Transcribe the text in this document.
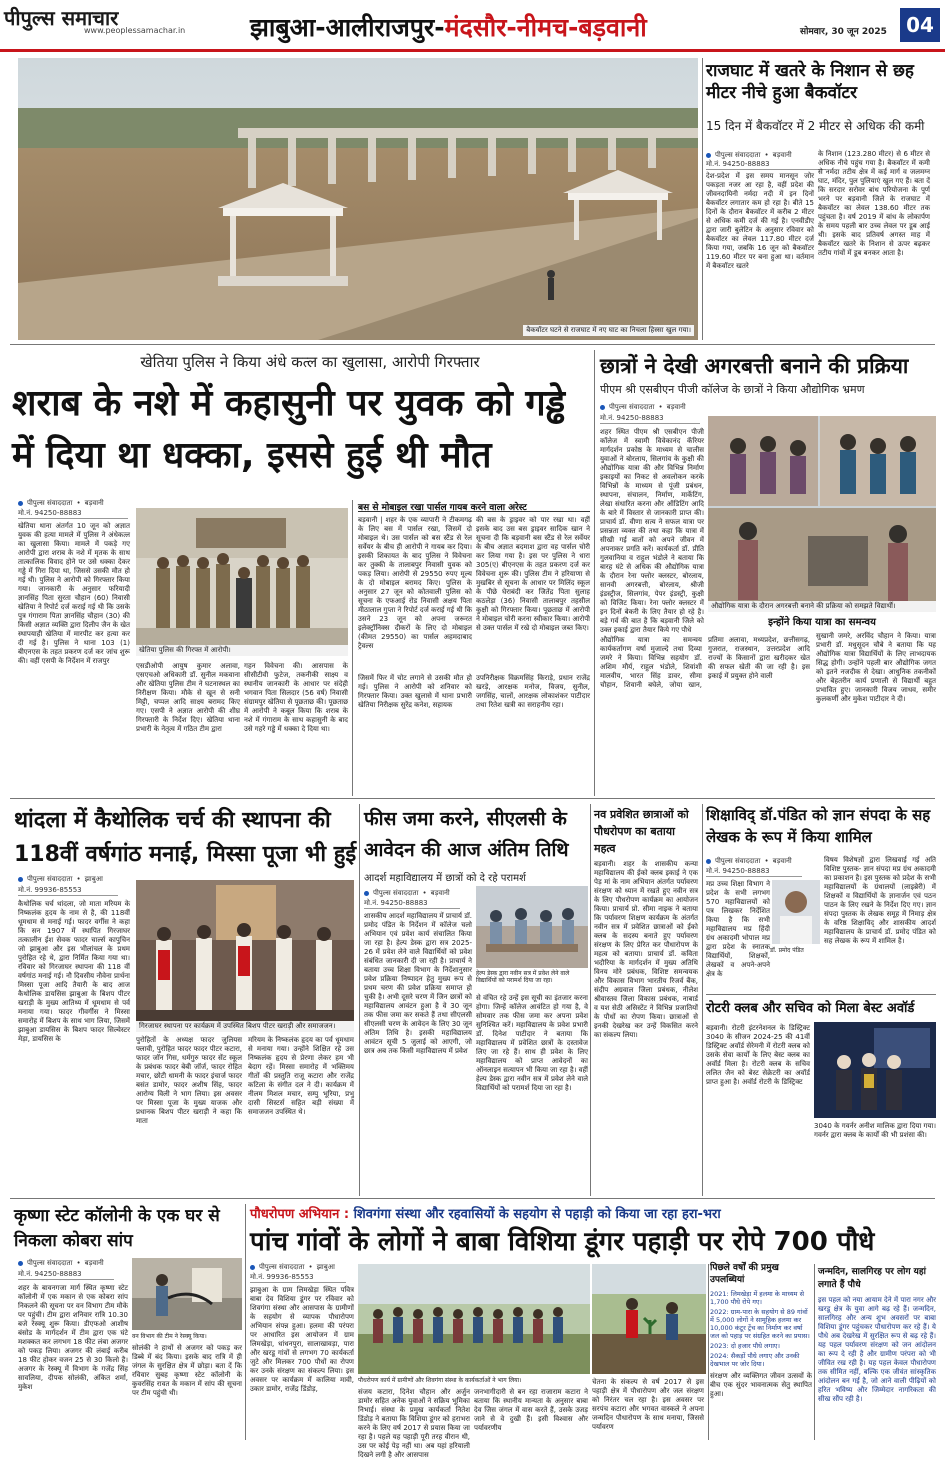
पीपुल्स समाचार
www.peoplessamachar.in	झाबुआ-आलीराजपुर-मंदसौर-नीमच-बड़वानी	सोमवार, 30 जून 2025 04
बैकवॉटर घटने से राजघाट में नए घाट का निचला हिस्सा खुल गया।
राजघाट में खतरे के निशान से छह मीटर नीचे हुआ बैकवॉटर
15 दिन में बैकवॉटर में 2 मीटर से अधिक की कमी
पीपुल्स संवाददाता • बड़वानी
मो.नं. 94250-88883
देश-प्रदेश में इस समय मानसून जोर पकड़ता नजर आ रहा है, वहीं प्रदेश की जीवनदायिनी नर्मदा नदी में इन दिनों बैकवॉटर लगातार कम हो रहा है। बीते 15 दिनों के दौरान बैकवॉटर में करीब 2 मीटर से अधिक कमी दर्ज की गई है। एनवीडीए द्वारा जारी बुलेटिन के अनुसार रविवार को बैकवॉटर का लेवल 117.80 मीटर दर्ज किया गया, जबकि 16 जून को बैकवॉटर 119.60 मीटर पर बना हुआ था। वर्तमान में बैकवॉटर खतरे
के निशान (123.280 मीटर) से 6 मीटर से अधिक नीचे पहुंच गया है। बैकवॉटर में कमी से नर्मदा तटीय क्षेत्र में कई मार्ग व जलमग्न घाट, मंदिर, पुल पुलियाएं खुल गए हैं। बता दें कि सरदार सरोवर बांध परियोजना के पूर्ण भरने पर बड़वानी जिले के राजघाट में बैकवॉटर का लेवल 138.60 मीटर तक पहुंचता है। वर्ष 2019 में बांध के लोकार्पण के समय पहली बार उच्च लेवल पर डूब आई थी। इसके बाद प्रतिवर्ष अगस्त माह में बैकवॉटर खतरे के निशान से ऊपर बढ़कर तटीय गांवों में डूब बनकर आता है।
खेतिया पुलिस ने किया अंधे कत्ल का खुलासा, आरोपी गिरफ्तार
शराब के नशे में कहासुनी पर युवक को गड्ढे में दिया था धक्का, इससे हुई थी मौत
पीपुल्स संवाददाता • बड़वानी
मो.नं. 94250-88883
खेतिया थाना अंतर्गत 10 जून को अज्ञात युवक की हत्या मामले में पुलिस ने अंधेकत्ल का खुलासा किया। मामले में पकड़े गए आरोपी द्वारा शराब के नशे में मृतक के साथ तात्कालिक विवाद होने पर उसे धक्का देकर गड्ढे में गिरा दिया था, जिससे उसकी मौत हो गई थी। पुलिस ने आरोपी को गिरफ्तार किया गया। जानकारी के अनुसार फरियादी ज्ञानसिंह पिता सुरता चौहान (60) निवासी खेतिया ने रिपोर्ट दर्ज कराई गई थी कि उसके पुत्र गंगाराम पिता ज्ञानसिंह चौहान (30) की किसी अज्ञात व्यक्ति द्वारा दिलीप जैन के खेत स्थापयाही खेतिया में मारपीट कर हत्या कर दी गई है। पुलिस ने थाना 103 (1) बीएनएस के तहत प्रकरण दर्ज कर जांच शुरू की। वहीं एसपी के निर्देशन में राजपुर
खेतिया पुलिस की गिरफ्त में आरोपी।
एसडीओपी आयुष कुमार अलावा, एसएचओ अधिकारी डॉ. सुनील मकवाना और खेतिया पुलिस टीम ने घटनास्थल का निरीक्षण किया। मौके से खून से सनी मिट्टी, चप्पल आदि साक्ष्य बरामद किए गए। एसपी ने अज्ञात आरोपी की शीघ्र गिरफ्तारी के निर्देश दिए। खेतिया थाना प्रभारी के नेतृत्व में गठित टीम द्वारा
गहन विवेचना की। आसपास के सीसीटीवी फुटेज, तकनीकी साक्ष्य व स्थानीय जानकारी के आधार पर संदेही भगवान पिता सिलदार (56 वर्ष) निवासी संग्रामपुर खेतिया से पूछताछ की। पूछताछ में आरोपी ने कबूल किया कि शराब के नशे में गंगाराम के साथ कहासुनी के बाद उसे गहरे गड्ढे में धक्का दे दिया था।
बस से मोबाइल रखा पार्सल गायब करने वाला अरेस्ट
बड़वानी | शहर के एक व्यापारी ने टीकमगढ़ के लिए बस में पार्सल रखा, जिसमें दो मोबाइल थे। उस पार्सल को बस स्टैंड से रेल सर्वेयर के बीच ही आरोपी ने गायब कर दिया। इसकी शिकायत के बाद पुलिस ने विवेचना कर तुक्की के तालाबपुर निवासी युवक को पकड़ लिया। आरोपी से 29550 रुपए मूल्य के दो मोबाइल बरामद किए। पुलिस के अनुसार 27 जून को कोतवाली पुलिस को सूचना के एफआई रोड निवासी अक्षय पिता मीठालाल गुप्ता ने रिपोर्ट दर्ज कराई गई थी कि उसने 23 जून को अपना जरूरत इलेक्ट्रॉनिक्स दीकरों के लिए दो मोबाइल (कीमत 29550) का पार्सल अहमदाबाद ट्रैवल्स
की बस के ड्राइवर को पार रखा था। वहीं इसके बाद उस बस ड्राइवर सादिक खान ने सूचना दी कि बड़वानी बस स्टैंड से रेल सर्वेयर के बीच अज्ञात बदमाश द्वारा वह पार्सल चोरी कर लिया गया है। इस पर पुलिस ने धारा 305(ए) बीएनएस के तहत प्रकरण दर्ज कर विवेचना शुरू की। पुलिस टीम ने हरियाणा से मुखबिर से सूचना के आधार पर मिलिंद स्कूल के पीछे घेराबंदी कर जितेंद्र पिता सुलाह कठलेड़ा (36) निवासी तालाबपुर तहसील कुक्षी को गिरफ्तार किया। पूछताछ में आरोपी ने मोबाइल चोरी करना स्वीकार किया। आरोपी से उक्त पार्सल में रखे दो मोबाइल जब्त किए।
जिसमें फिर में चोट लगाने से उसकी मौत हो गई। पुलिस ने आरोपी को शनिवार को गिरफ्तार किया। उक्त खुलासे में थाना प्रभारी खेतिया निरीक्षक सुरेंद्र कनेश, सहायक
उपनिरीक्षक विक्रमसिंह किराड़े, प्रधान राजेंद्र खरड़े, आरक्षक मनोज, विजय, सुनील, जगसिंह, चालों, आरक्षक लोकाशंकर पाटीदार तथा रितेश खत्री का सराहनीय रहा।
छात्रों ने देखी अगरबत्ती बनाने की प्रक्रिया
पीएम श्री एसबीएन पीजी कॉलेज के छात्रों ने किया औद्योगिक भ्रमण
पीपुल्स संवाददाता • बड़वानी
मो.नं. 94250-88883
शहर स्थित पीएम श्री एसबीएन पीजी कॉलेज में स्वामी विवेकानंद कॅरियर मार्गदर्शन प्रकोष्ठ के माध्यम से चालीस युवाओं ने बोरलाय, सिलगांव के कुक्षी की औद्योगिक यात्रा की और विभिन्न निर्माण इकाइयों का निकट से अवलोकन करके विभिन्नों के माध्यम से पूंजी प्रबंधन, स्थापना, संचालन, निर्माण, मार्केटिंग, लेखा संधारित करना और ऑडिटिंग आदि के बारे में विस्तार से जानकारी प्राप्त की। प्राचार्य डॉ. वीणा सत्य ने सफल यात्रा पर प्रसन्नता व्यक्त की तथा कहा कि यात्रा में सीखी गई बातों को अपने जीवन में अपनाकर प्रगति करें। कार्यकर्ता डॉ. प्रीति गुलवानिया व राहुल भंडोले ने बताया कि बारह घंटे से अधिक की औद्योगिक यात्रा के दौरान रेना फ्लोर क्लस्टर, बोरलाय, सानवी अगरबत्ती, बोरलाय, श्रीजी इंडस्ट्रीज, सिलगांव, पेपर इंडस्ट्री, कुक्षी को विजिट किया। रेना फ्लोर क्लस्टर में इन दिनों बेकरी के लिए तैयार हो रहे है। बड़े गर्व की बात है कि बड़वानी जिले को उक्त इकाई द्वारा तैयार किये गए पौधे
औद्योगिक यात्रा के दौरान अगरबत्ती बनाने की प्रक्रिया को समझते विद्यार्थी।
इन्होंने किया यात्रा का समन्वय
औद्योगिक यात्रा का समन्वय कार्यकर्तागण वर्षा मुजाल्दे तथा दिव्या जमरे ने किया। विभिन्न सहयोग डॉ. अशिम मौर्य, राहुल भंडोले, शिवांशी मालवीय, भारत सिंह डावर, सीमा चौहान, शिवानी बघेले, जोया खान, प्रतिमा अलावा, मध्यप्रदेश, छत्तीसगढ़, गुजरात, राजस्थान, उत्तरप्रदेश आदि राज्यों के किसानों द्वारा खरीदकर खेत की सफल खेती की जा रही है। इस इकाई में प्रयुक्त होने वाली
सुखानी जमरे, अरविंद चौहान ने किया। यात्रा प्रभारी डॉ. मधुसूदन चौबे ने बताया कि यह औद्योगिक यात्रा विद्यार्थियों के लिए लाभदायक सिद्ध होगी। उन्होंने पहली बार औद्योगिक जगत को इतने नजदीक से देखा। आधुनिक तकनीकों और बेहतरीन कार्य प्रणाली से विद्यार्थी बहुत प्रभावित हुए। जानकारी विजय जाधव, समीर कुलकर्णी और मुकेश पाटीदार ने दी।
थांदला में कैथोलिक चर्च की स्थापना की 118वीं वर्षगांठ मनाई, मिस्सा पूजा भी हुई
पीपुल्स संवाददाता • झाबुआ
मो.नं. 99936-85553
कैथोलिक चर्च थांदला, जो माता मरियम के निष्कलंक हृदय के नाम से है, की 118वीं धूमधाम से मनाई गई। फादर वर्गीस ने कहा कि सन 1907 में स्थापित गिरजाघर तत्कालीन ईश सेवक फादर चार्ल्स कापुचिन जो झाबुआ और इस भीलांचल के प्रथम पुरोहित रहे थे, द्वारा निर्मित किया गया था। रविवार को गिरजाघर स्थापना की 118 वीं वर्षगांठ मनाई गई। नौ दिवसीय नौवेना प्रार्थना मिस्सा पूजा आदि तैयारी के बाद आज कैथोलिक डायसिस झाबुआ के बिशप पीटर खराड़ी के मुख्य आतिथ्य में धूमधाम से पर्व मनाया गया। फादर गीवर्गीस ने मिस्सा समारोह में बिशप के साथ भाग लिया, जिसमें झाबुआ डायसिस के बिशप फादर सिल्वेस्टर मेड़ा, डायसिस के
गिरजाघर स्थापना पर कार्यक्रम में उपस्थित बिशप पीटर खराड़ी और समाजजन।
पुरोहितों के अध्यक्ष फादर जुलियस फ्लावी, पुरोहित फादर फादर पीटर कटारा, फादर जॉन गिस, धर्मगुरु फादर सेंट स्कूल के प्रबंधक फादर बेबी जॉर्ज, फादर रोहित मचार, छोटी धामनी के फादर इंचार्ज फादर बसंत डामोर, फादर अशीष सिंह, फादर आरोग्य विली ने भाग लिया। इस अवसर पर मिस्सा पूजा के मुख्य याजक और प्रधानक बिशप पीटर खराड़ी ने कहा कि माता
मरियम के निष्कलंक हृदय का पर्व धूमधाम से मनाया गया। उन्होंने शिक्षित रहे उस निष्कलंक हृदय से प्रेरणा लेकर हम भी बेदाग रहें। मिस्सा समारोह में भक्तिमय गीतों की प्रस्तुति राजू कटारा और राजेंद्र कटिला के संगीत दल ने दी। कार्यक्रम में नीलम मिशल मचार, सम्पु भूरिया, प्रभु दासी सिस्टर्स सहित बड़ी संख्या में समाजजन उपस्थित थे।
फीस जमा करने, सीएलसी के आवेदन की आज अंतिम तिथि
आदर्श महाविद्यालय में छात्रों को दे रहे परामर्श
पीपुल्स संवाददाता • बड़वानी
मो.नं. 94250-88883
हेल्प डेस्क द्वारा नवीन सत्र में प्रवेश लेने वाले विद्यार्थियों को परामर्श दिया जा रहा।
शासकीय आदर्श महाविद्यालय में प्राचार्य डॉ. प्रमोद पंडित के निर्देशन में कॉलेज चलो अभियान एवं प्रवेश कार्य संचालित किया जा रहा है। हेल्प डेस्क द्वारा सत्र 2025-26 में प्रवेश लेने वाले विद्यार्थियों को प्रवेश संबंधित जानकारी दी जा रही है। प्राचार्य ने बताया उच्च शिक्षा विभाग के निर्देशानुसार प्रवेश प्रक्रिया निष्पादन हेतु मुख्य रूप से प्रथम चरण की प्रवेश प्रक्रिया समाप्त हो चुकी है। अभी दूसरे चरण में जिन छात्रों को महाविद्यालय आवंटन हुआ है वे 30 जून तक फीस जमा कर सकते हैं तथा सीएलसी सीएलसी चरण के आवेदन के लिए 30 जून अंतिम तिथि है। इसकी महाविद्यालय आवंटन सूची 5 जुलाई को आएगी, जो छात्र अब तक किसी महाविद्यालय में प्रवेश
से वंचित रहे उन्हें इस सूची का इंतजार करना होगा। जिन्हें कॉलेज आवंटित हो गया है, वे सोमवार तक फीस जमा कर अपना प्रवेश सुनिश्चित करें। महाविद्यालय के प्रवेश प्रभारी डॉ. दिनेश पाटीदार ने बताया कि महाविद्यालय में प्रवेशित छात्रों के दस्तावेज लिए जा रहे हैं। साथ ही प्रवेश के लिए महाविद्यालय को प्राप्त आवेदनों का ऑनलाइन सत्यापन भी किया जा रहा है। वहीं हेल्प डेस्क द्वारा नवीन सत्र में प्रवेश लेने वाले विद्यार्थियों को परामर्श दिया जा रहा है।
नव प्रवेशित छात्राओं को पौधरोपण का बताया महत्व
बड़वानी। शहर के शासकीय कन्या महाविद्यालय की ईको क्लब इकाई ने एक पेड़ मां के नाम अभियान अंतर्गत पर्यावरण संरक्षण को ध्यान में रखते हुए नवीन सत्र के लिए पौधरोपण कार्यक्रम का आयोजन किया। प्राचार्य प्रो. सीमा नाइक ने बताया कि पर्यावरण शिक्षण कार्यक्रम के अंतर्गत नवीन सत्र में प्रवेशित छात्राओं को ईको क्लब के सदस्य बनाते हुए पर्यावरण संरक्षण के लिए प्रेरित कर पौधारोपण के महत्व को बताया। प्राचार्य डॉ. कविता भदौरिया के मार्गदर्शन में मुख्य अतिथि विनय मोरे प्रबंधक, विशिष्ट समन्वयक और विकास विभाग भारतीय रिजर्व बैंक, संदीप अग्रवाल जिला प्रबंधक, नीलेश श्रीवास्तव जिला विकास प्रबंधक, नाबार्ड व यश सेठी असिस्टेंट ने विभिन्न प्रजातियों के पौधों का रोपण किया। छात्राओं से इनकी देखरेख कर उन्हें विकसित करने का संकल्प लिया।
शिक्षाविद् डॉ.पंडित को ज्ञान संपदा के सह लेखक के रूप में किया शामिल
पीपुल्स संवाददाता • बड़वानी
मो.नं. 94250-88883
मप्र उच्च शिक्षा विभाग ने प्रदेश के सभी लगभग 570 महाविद्यालयों को पत्र लिखकर निर्देशित किया है कि सभी महाविद्यालय मप्र हिंदी ग्रंथ अकादमी भोपाल मप्र द्वारा प्रदेश के स्नातक विद्यार्थियों, शिक्षकों, लेखकों व अपने-अपने क्षेत्र के
डॉ. प्रमोद पंडित
विषय विशेषज्ञों द्वारा लिखवाई गई अति विशिष्ट पुस्तक- ज्ञान संपदा मप्र ग्रंथ अकादमी का प्रकाशन है। इस पुस्तक को प्रदेश के सभी महाविद्यालयों के ग्रंथालयों (लाइब्रेरी) में शिक्षकों व विद्यार्थियों के ज्ञानार्जन एवं पठन पाठन के लिए रखने के निर्देश दिए गए। ज्ञान संपदा पुस्तक के लेखक समूह में निमाड़ क्षेत्र के वरिष्ठ शिक्षाविद् और शासकीय आदर्श महाविद्यालय के प्राचार्य डॉ. प्रमोद पंडित को सह लेखक के रूप में शामिल है।
रोटरी क्लब और सचिव को मिला बेस्ट अवॉर्ड
बड़वानी। रोटरी इंटरनेशनल के डिस्ट्रिक्ट 3040 के सीजन 2024-25 की 41वीं डिस्ट्रिक्ट अवॉर्ड सेरेमनी में रोटरी क्लब को उसके सेवा कार्यों के लिए बेस्ट क्लब का अवॉर्ड मिला है। रोटरी क्लब के सचिव ललित जैन को बेस्ट सेक्रेटरी का अवॉर्ड प्राप्त हुआ है। अवॉर्ड रोटरी के डिस्ट्रिक्ट
3040 के गवर्नर अनीश मालिक द्वारा दिया गया। गवर्नर द्वारा क्लब के कार्यों की भी प्रशंसा की।
कृष्णा स्टेट कॉलोनी के एक घर से निकला कोबरा सांप
पीपुल्स संवाददाता • बड़वानी
मो.नं. 94250-88883
शहर के बावनगजा मार्ग स्थित कृष्णा स्टेट कॉलोनी में एक मकान से एक कोबरा सांप निकलने की सूचना पर वन विभाग टीम मौके पर पहुंची। टीम द्वारा शनिवार रात्रि 10.30 बजे रेस्क्यू शुरू किया। डीएफओ आशीष बंसोड के मार्गदर्शन में टीम द्वारा एक घंटे मशक्कत कर लगभग 18 फीट लंबा अजगर को पकड़ लिया। अजगर की लंबाई करीब 18 फीट होकर वजन 25 से 30 किलो है। अजगर के रेस्क्यू में विभाग के गजेंद्र सिंह सावलिया, दीपक सोलंकी, अंकित शर्मा, मुकेश
वन विभाग की टीम ने रेस्क्यू किया।
सोलंकी ने हाथों से अजगर को पकड़ कर डिब्बे में बंद किया। इसके बाद रात्रि में ही जंगल के सुरक्षित क्षेत्र में छोड़ा। बता दें कि रविवार सुबह कृष्णा स्टेट कॉलोनी के कुवरसिंह रावत के मकान में सांप की सूचना पर टीम पहुंची थी।
पौधरोपण अभियान : शिवगंगा संस्था और रहवासियों के सहयोग से पहाड़ी को किया जा रहा हरा-भरा
पांच गांवों के लोगों ने बाबा विशिया डूंगर पहाड़ी पर रोपे 700 पौधे
पीपुल्स संवाददाता • झाबुआ
मो.नं. 99936-85553
झाबुआ के ग्राम लिमखेड़ा स्थित पवित्र बाबा देव विशिया डूंगर पर रविवार को शिवगंगा संस्था और आसपास के ग्रामीणों के सहयोग से व्यापक पौधारोपण अभियान संपन्न हुआ। हलमा की परंपरा पर आधारित इस आयोजन में ग्राम लिमखेड़ा, धांधनपुरा, सालाखावड़ा, पारा और खरडू गांवों से लगभग 70 कार्यकर्ता जुटे और मिलकर 700 पौधों का रोपण कर उनके संरक्षण का संकल्प लिया। इस अवसर पर कार्यक्रम में कालिया मावी, उकार डामोर, राजेंद्र डिंडोड़,
पौधरोपण कार्य में ग्रामीणों और शिवगंगा संस्था के कार्यकर्ताओं ने भाग लिया।
संजय कटारा, दिनेश चौहान और अर्जुन डामोर सहित अनेक युवाओं ने सक्रिय भूमिका निभाई। संस्था के प्रमुख कार्यकर्ता नितेश डिंडोड़ ने बताया कि विशिया डूंगर को हराभरा करने के लिए वर्ष 2017 से प्रयास किया जा रहा है। पहले यह पहाड़ी पूरी तरह वीरान थी, उस पर कोई पेड़ नहीं था। अब यहां हरियाली दिखने लगी है और आसपास
जनभागीदारी से बन रहा राजाराम कटारा ने बताया कि स्थानीय मान्यता के अनुसार बाबा देव जिस जंगल में वास करते हैं, उसके उजड़ जाने से वे दुखी हैं। इसी विश्वास और पर्यावरणीय
चेतना के संकल्प से वर्ष 2017 से इस पहाड़ी क्षेत्र में पौधारोपण और जल संरक्षण को निरंतर चल रहा है। इस अवसर पर सरपंच कटारा और भगवत वास्कले ने अपना जन्मदिन पौधारोपण के साथ मनाया, जिससे पर्यावरण
पिछले वर्षों की प्रमुख उपलब्धियां
2021: लिमखेड़ा में हलमा के माध्यम से 1,700 पौधे रोपे गए।
2022: ग्राम-पारा के सहयोग से 89 गांवों में 5,000 लोगों ने सामूहिक हलमा कर 10,000 कंटूर ट्रेंच का निर्माण कर वर्षा जल को पहाड़ पर संग्रहित करने का प्रयास।
2023: दो हजार पौधे लगाए।
2024: सैकड़ों पौधे लगाए और उनकी देखभाल पर जोर दिया।
संरक्षण और व्यक्तिगत जीवन उत्सवों के बीच एक सुंदर भावनात्मक सेतु स्थापित हुआ।
जन्मदिन, सालगिरह पर लोग यहां लगाते हैं पौधे
इस पहल को नया आयाम देने में पारा नगर और खरडू क्षेत्र के युवा आगे बढ़ रहे हैं। जन्मदिन, सालगिरह और अन्य शुभ अवसरों पर बाबा विशिया डूंगर पहुंचकर पौधारोपण कर रहे हैं। ये पौधे अब देखरेख में सुरक्षित रूप से बढ़ रहे हैं। यह पहल पर्यावरण संरक्षण को जन आंदोलन का रूप दे रही है और ग्रामीण परंपरा को भी जीवित रख रही है। यह पहल केवल पौधारोपण तक सीमित नहीं, बल्कि एक जीवंत सांस्कृतिक आंदोलन बन गई है, जो आने वाली पीढ़ियों को हरित भविष्य और जिम्मेदार नागरिकता की सीख सौंप रही है।
